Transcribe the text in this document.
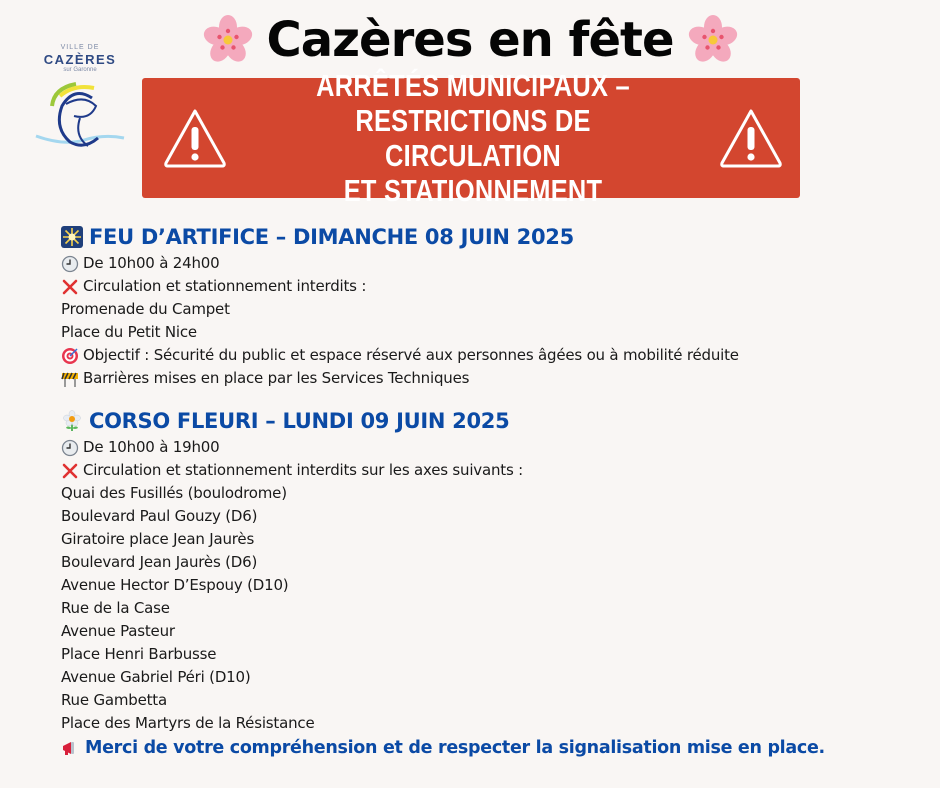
VILLE DE
CAZÈRES
sur Garonne
Cazères en fête
ARRÊTÉS MUNICIPAUX –
RESTRICTIONS DE CIRCULATION
ET STATIONNEMENT
FEU D’ARTIFICE – DIMANCHE 08 JUIN 2025
De 10h00 à 24h00
Circulation et stationnement interdits :
Promenade du Campet
Place du Petit Nice
Objectif : Sécurité du public et espace réservé aux personnes âgées ou à mobilité réduite
Barrières mises en place par les Services Techniques
CORSO FLEURI – LUNDI 09 JUIN 2025
De 10h00 à 19h00
Circulation et stationnement interdits sur les axes suivants :
Quai des Fusillés (boulodrome)
Boulevard Paul Gouzy (D6)
Giratoire place Jean Jaurès
Boulevard Jean Jaurès (D6)
Avenue Hector D’Espouy (D10)
Rue de la Case
Avenue Pasteur
Place Henri Barbusse
Avenue Gabriel Péri (D10)
Rue Gambetta
Place des Martyrs de la Résistance
Merci de votre compréhension et de respecter la signalisation mise en place.
